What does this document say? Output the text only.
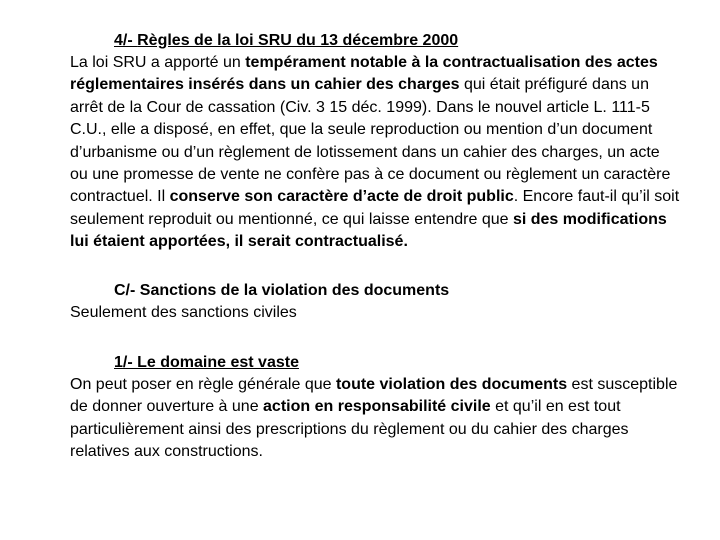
4/- Règles de la loi SRU du 13 décembre 2000

La loi SRU a apporté un tempérament notable à la contractualisation des actes réglementaires insérés dans un cahier des charges qui était préfiguré dans un arrêt de la Cour de cassation (Civ. 3 15 déc. 1999). Dans le nouvel article L. 111-5 C.U., elle a disposé, en effet, que la seule reproduction ou mention d’un document d’urbanisme ou d’un règlement de lotissement dans un cahier des charges, un acte ou une promesse de vente ne confère pas à ce document ou règlement un caractère contractuel. Il conserve son caractère d’acte de droit public. Encore faut-il qu’il soit seulement reproduit ou mentionné, ce qui laisse entendre que si des modifications lui étaient apportées, il serait contractualisé.

C/- Sanctions de la violation des documents

Seulement des sanctions civiles

1/- Le domaine est vaste

On peut poser en règle générale que toute violation des documents est susceptible de donner ouverture à une action en responsabilité civile et qu’il en est tout particulièrement ainsi des prescriptions du règlement ou du cahier des charges relatives aux constructions.
